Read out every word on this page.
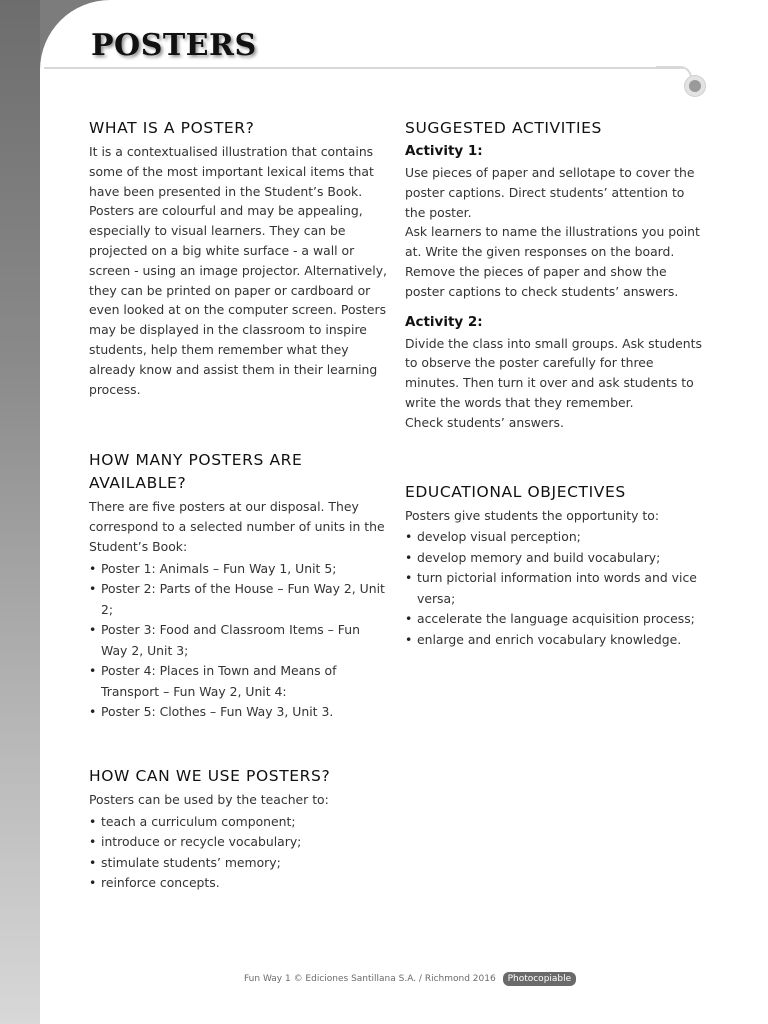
POSTERS
WHAT IS A POSTER?

It is a contextualised illustration that contains some of the most important lexical items that have been presented in the Student’s Book. Posters are colourful and may be appealing, especially to visual learners. They can be projected on a big white surface - a wall or screen - using an image projector. Alternatively, they can be printed on paper or cardboard or even looked at on the computer screen. Posters may be displayed in the classroom to inspire students, help them remember what they already know and assist them in their learning process.

HOW MANY POSTERS ARE AVAILABLE?

There are five posters at our disposal. They correspond to a selected number of units in the Student’s Book:

• Poster 1: Animals – Fun Way 1, Unit 5;
• Poster 2: Parts of the House – Fun Way 2, Unit 2;
• Poster 3: Food and Classroom Items – Fun Way 2, Unit 3;
• Poster 4: Places in Town and Means of Transport – Fun Way 2, Unit 4:
• Poster 5: Clothes – Fun Way 3, Unit 3.
HOW CAN WE USE POSTERS?

Posters can be used by the teacher to:

• teach a curriculum component;
• introduce or recycle vocabulary;
• stimulate students’ memory;
• reinforce concepts.
SUGGESTED ACTIVITIES
Activity 1:

Use pieces of paper and sellotape to cover the poster captions. Direct students’ attention to the poster.

Ask learners to name the illustrations you point at. Write the given responses on the board. Remove the pieces of paper and show the poster captions to check students’ answers.

Activity 2:

Divide the class into small groups. Ask students to observe the poster carefully for three minutes. Then turn it over and ask students to write the words that they remember.

Check students’ answers.

EDUCATIONAL OBJECTIVES

Posters give students the opportunity to:

• develop visual perception;
• develop memory and build vocabulary;
• turn pictorial information into words and vice versa;
• accelerate the language acquisition process;
• enlarge and enrich vocabulary knowledge.
Fun Way 1 © Ediciones Santillana S.A. / Richmond 2016 Photocopiable
